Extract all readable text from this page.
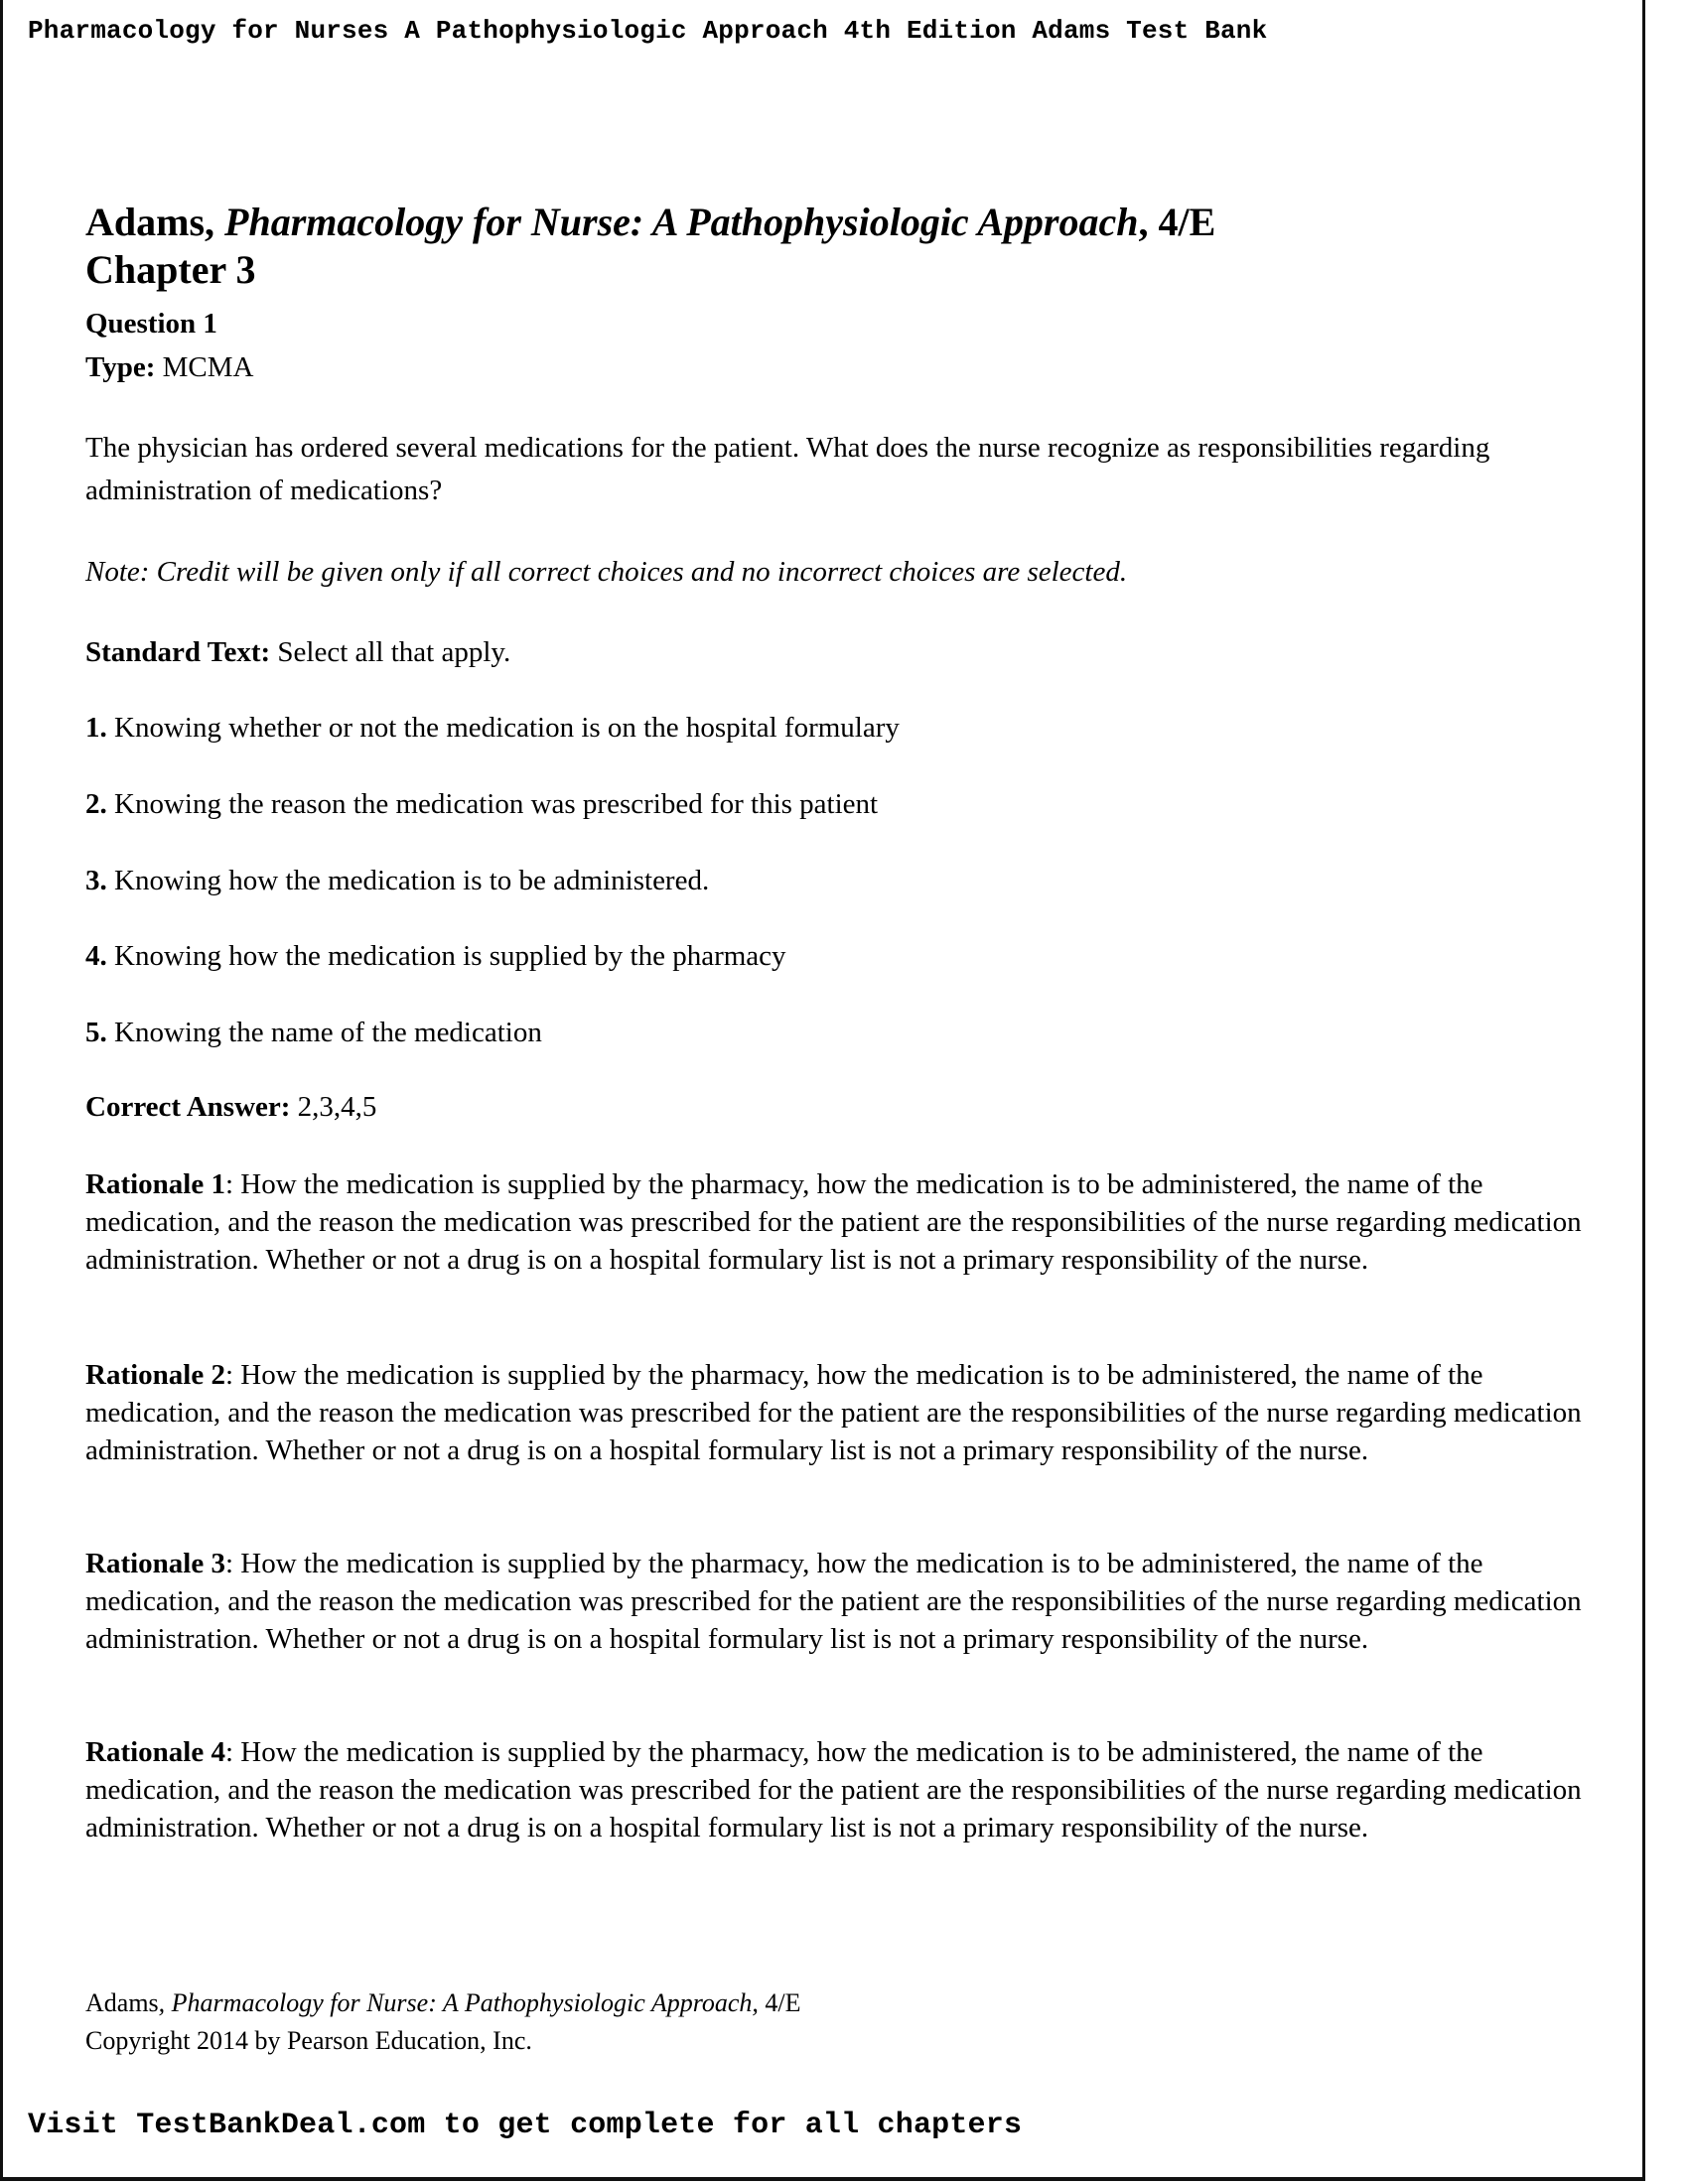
Pharmacology for Nurses A Pathophysiologic Approach 4th Edition Adams Test Bank
Adams, Pharmacology for Nurse: A Pathophysiologic Approach, 4/E
Chapter 3
Question 1
Type: MCMA
The physician has ordered several medications for the patient. What does the nurse recognize as responsibilities regarding administration of medications?
Note: Credit will be given only if all correct choices and no incorrect choices are selected.
Standard Text: Select all that apply.
1. Knowing whether or not the medication is on the hospital formulary
2. Knowing the reason the medication was prescribed for this patient
3. Knowing how the medication is to be administered.
4. Knowing how the medication is supplied by the pharmacy
5. Knowing the name of the medication
Correct Answer: 2,3,4,5
Rationale 1: How the medication is supplied by the pharmacy, how the medication is to be administered, the name of the medication, and the reason the medication was prescribed for the patient are the responsibilities of the nurse regarding medication administration. Whether or not a drug is on a hospital formulary list is not a primary responsibility of the nurse.
Rationale 2: How the medication is supplied by the pharmacy, how the medication is to be administered, the name of the medication, and the reason the medication was prescribed for the patient are the responsibilities of the nurse regarding medication administration. Whether or not a drug is on a hospital formulary list is not a primary responsibility of the nurse.
Rationale 3: How the medication is supplied by the pharmacy, how the medication is to be administered, the name of the medication, and the reason the medication was prescribed for the patient are the responsibilities of the nurse regarding medication administration. Whether or not a drug is on a hospital formulary list is not a primary responsibility of the nurse.
Rationale 4: How the medication is supplied by the pharmacy, how the medication is to be administered, the name of the medication, and the reason the medication was prescribed for the patient are the responsibilities of the nurse regarding medication administration. Whether or not a drug is on a hospital formulary list is not a primary responsibility of the nurse.
Adams, Pharmacology for Nurse: A Pathophysiologic Approach, 4/E
Copyright 2014 by Pearson Education, Inc.
Visit TestBankDeal.com to get complete for all chapters
